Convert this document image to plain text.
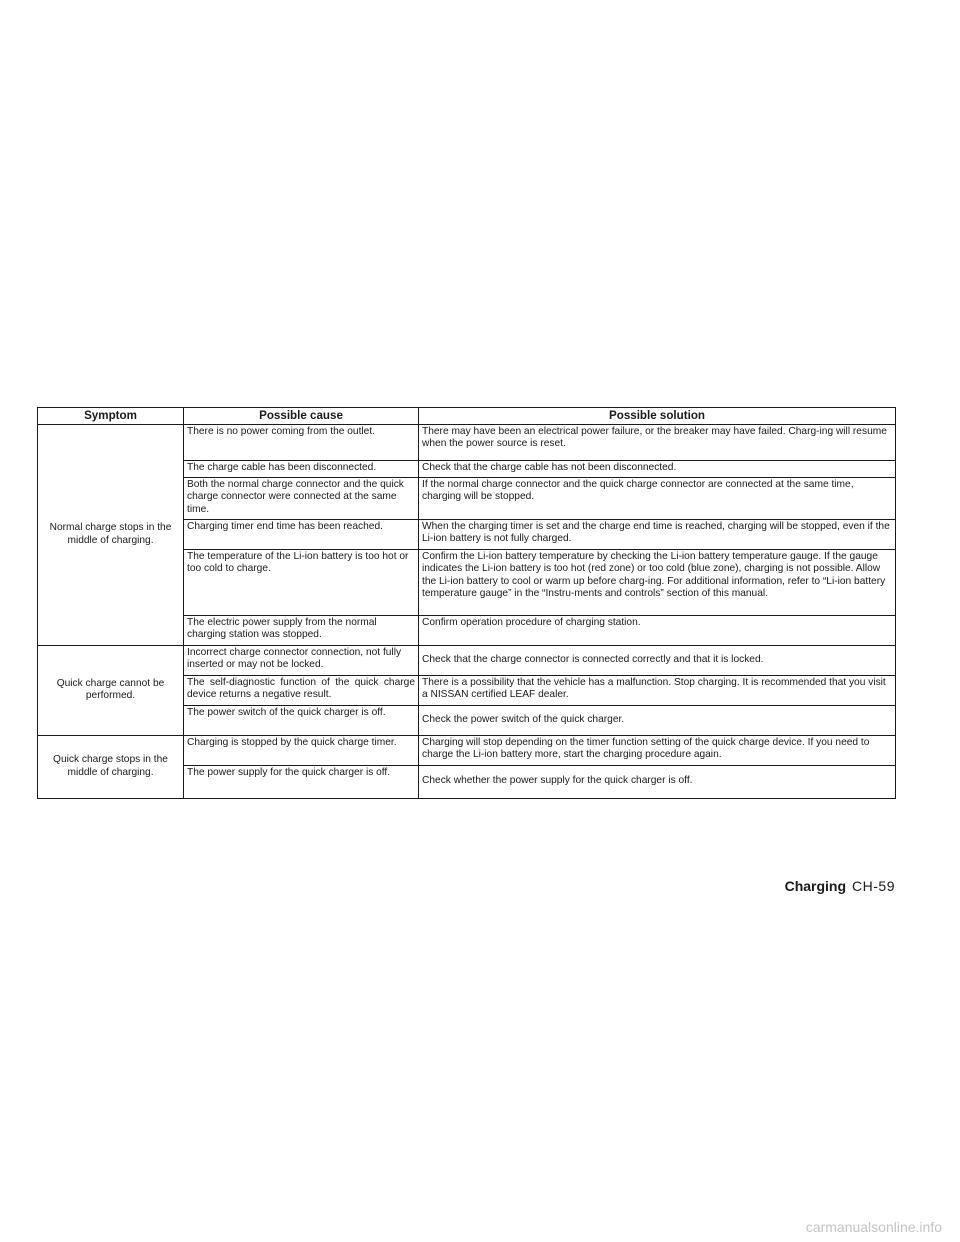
Symptom	Possible cause	Possible solution
Normal charge stops in the middle of charging.	There is no power coming from the outlet.	There may have been an electrical power failure, or the breaker may have failed. Charg-ing will resume when the power source is reset.
	The charge cable has been disconnected.	Check that the charge cable has not been disconnected.
	Both the normal charge connector and the quick charge connector were connected at the same time.	If the normal charge connector and the quick charge connector are connected at the same time, charging will be stopped.
	Charging timer end time has been reached.	When the charging timer is set and the charge end time is reached, charging will be stopped, even if the Li-ion battery is not fully charged.
	The temperature of the Li-ion battery is too hot or too cold to charge.	Confirm the Li-ion battery temperature by checking the Li-ion battery temperature gauge. If the gauge indicates the Li-ion battery is too hot (red zone) or too cold (blue zone), charging is not possible. Allow the Li-ion battery to cool or warm up before charg-ing. For additional information, refer to “Li-ion battery temperature gauge” in the “Instru-ments and controls” section of this manual.
	The electric power supply from the normal charging station was stopped.	Confirm operation procedure of charging station.
Quick charge cannot be performed.	Incorrect charge connector connection, not fully inserted or may not be locked.	Check that the charge connector is connected correctly and that it is locked.
	The self-diagnostic function of the quick charge device returns a negative result.	There is a possibility that the vehicle has a malfunction. Stop charging. It is recommended that you visit a NISSAN certified LEAF dealer.
	The power switch of the quick charger is off.	Check the power switch of the quick charger.
Quick charge stops in the middle of charging.	Charging is stopped by the quick charge timer.	Charging will stop depending on the timer function setting of the quick charge device. If you need to charge the Li-ion battery more, start the charging procedure again.
	The power supply for the quick charger is off.	Check whether the power supply for the quick charger is off.
Charging CH-59
carmanualsonline.info
